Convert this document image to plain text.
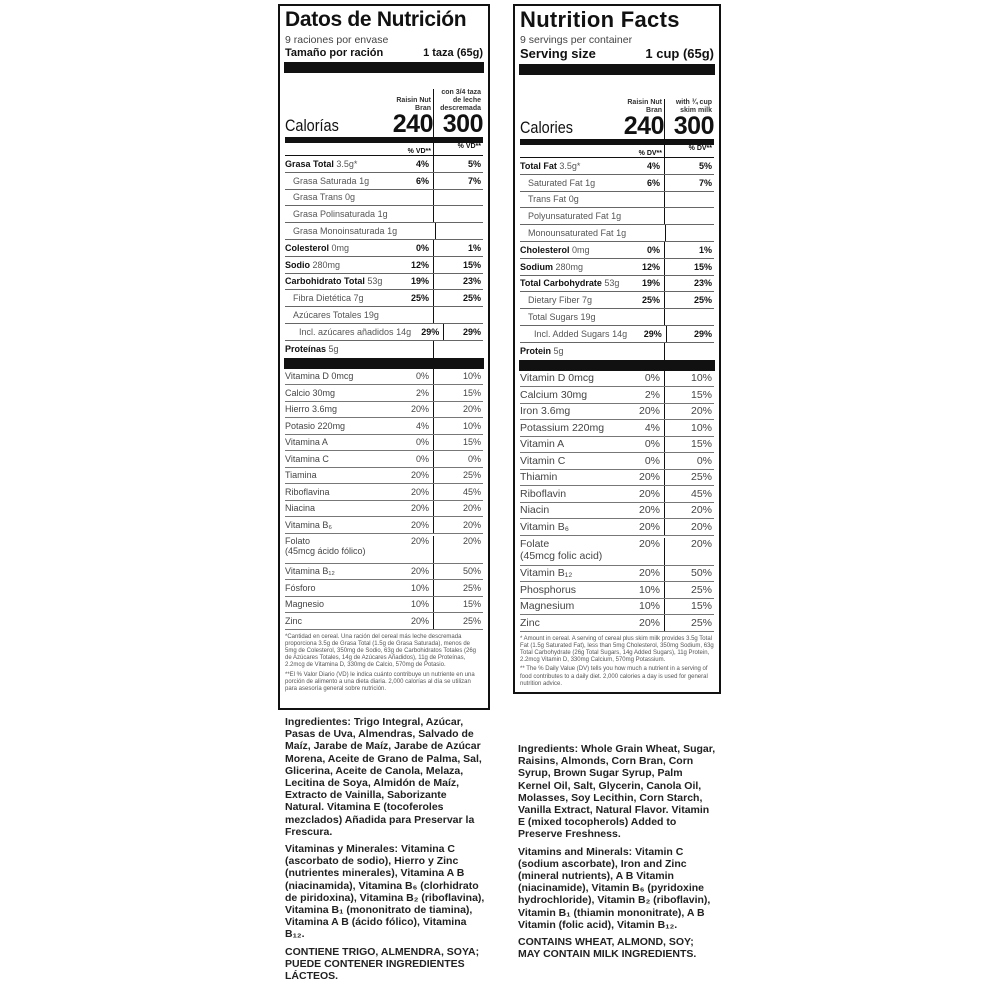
Datos de Nutrición
9 raciones por envase
Tamaño por ración	1 taza (65g)
Raisin Nut Bran
con 3/4 taza de leche descremada
Calorías	240 300
% VD**
% VD**
Grasa Total 3.5g*	4%	5%
Grasa Saturada 1g	6%	7%
Grasa Trans 0g
Grasa Polinsaturada 1g
Grasa Monoinsaturada 1g
Colesterol 0mg	0%	1%
Sodio 280mg	12%	15%
Carbohidrato Total 53g	19%	23%
Fibra Dietética 7g	25%	25%
Azúcares Totales 19g
Incl. azúcares añadidos 14g	29%	29%
Proteínas 5g
Vitamina D 0mcg	0%	10%
Calcio 30mg	2%	15%
Hierro 3.6mg	20%	20%
Potasio 220mg	4%	10%
Vitamina A	0%	15%
Vitamina C	0%	0%
Tiamina	20%	25%
Riboflavina	20%	45%
Niacina	20%	20%
Vitamina B₆	20%	20%
Folato
(45mcg ácido fólico)
20%	20%
Vitamina B₁₂	20%	50%
Fósforo	10%	25%
Magnesio	10%	15%
Zinc	20%	25%

*Cantidad en cereal. Una ración del cereal más leche descremada proporciona 3.5g de Grasa Total (1.5g de Grasa Saturada), menos de 5mg de Colesterol, 350mg de Sodio, 63g de Carbohidratos Totales (26g de Azúcares Totales, 14g de Azúcares Añadidos), 11g de Proteínas, 2.2mcg de Vitamina D, 330mg de Calcio, 570mg de Potasio.

**El % Valor Diario (VD) le indica cuánto contribuye un nutriente en una porción de alimento a una dieta diaria. 2,000 calorías al día se utilizan para asesoría general sobre nutrición.

Nutrition Facts
9 servings per container
Serving size	1 cup (65g)
Raisin Nut Bran
with ¾ cup skim milk
Calories	240 300
% DV**
% DV**
Total Fat 3.5g*	4%	5%
Saturated Fat 1g	6%	7%
Trans Fat 0g
Polyunsaturated Fat 1g
Monounsaturated Fat 1g
Cholesterol 0mg	0%	1%
Sodium 280mg	12%	15%
Total Carbohydrate 53g	19%	23%
Dietary Fiber 7g	25%	25%
Total Sugars 19g
Incl. Added Sugars 14g	29%	29%
Protein 5g
Vitamin D 0mcg	0%	10%
Calcium 30mg	2%	15%
Iron 3.6mg	20%	20%
Potassium 220mg	4%	10%
Vitamin A	0%	15%
Vitamin C	0%	0%
Thiamin	20%	25%
Riboflavin	20%	45%
Niacin	20%	20%
Vitamin B₆	20%	20%
Folate
(45mcg folic acid)
20%	20%
Vitamin B₁₂	20%	50%
Phosphorus	10%	25%
Magnesium	10%	15%
Zinc	20%	25%

* Amount in cereal. A serving of cereal plus skim milk provides 3.5g Total Fat (1.5g Saturated Fat), less than 5mg Cholesterol, 350mg Sodium, 63g Total Carbohydrate (26g Total Sugars, 14g Added Sugars), 11g Protein, 2.2mcg Vitamin D, 330mg Calcium, 570mg Potassium.

** The % Daily Value (DV) tells you how much a nutrient in a serving of food contributes to a daily diet. 2,000 calories a day is used for general nutrition advice.

Ingredientes: Trigo Integral, Azúcar, Pasas de Uva, Almendras, Salvado de Maíz, Jarabe de Maíz, Jarabe de Azúcar Morena, Aceite de Grano de Palma, Sal, Glicerina, Aceite de Canola, Melaza, Lecitina de Soya, Almidón de Maíz, Extracto de Vainilla, Saborizante Natural. Vitamina E (tocoferoles mezclados) Añadida para Preservar la Frescura.

Vitaminas y Minerales: Vitamina C (ascorbato de sodio), Hierro y Zinc (nutrientes minerales), Vitamina A B (niacinamida), Vitamina B₆ (clorhidrato de piridoxina), Vitamina B₂ (riboflavina), Vitamina B₁ (mononitrato de tiamina), Vitamina A B (ácido fólico), Vitamina B₁₂.

CONTIENE TRIGO, ALMENDRA, SOYA; PUEDE CONTENER INGREDIENTES LÁCTEOS.

Ingredients: Whole Grain Wheat, Sugar, Raisins, Almonds, Corn Bran, Corn Syrup, Brown Sugar Syrup, Palm Kernel Oil, Salt, Glycerin, Canola Oil, Molasses, Soy Lecithin, Corn Starch, Vanilla Extract, Natural Flavor. Vitamin E (mixed tocopherols) Added to Preserve Freshness.

Vitamins and Minerals: Vitamin C (sodium ascorbate), Iron and Zinc (mineral nutrients), A B Vitamin (niacinamide), Vitamin B₆ (pyridoxine hydrochloride), Vitamin B₂ (riboflavin), Vitamin B₁ (thiamin mononitrate), A B Vitamin (folic acid), Vitamin B₁₂.

CONTAINS WHEAT, ALMOND, SOY; MAY CONTAIN MILK INGREDIENTS.
